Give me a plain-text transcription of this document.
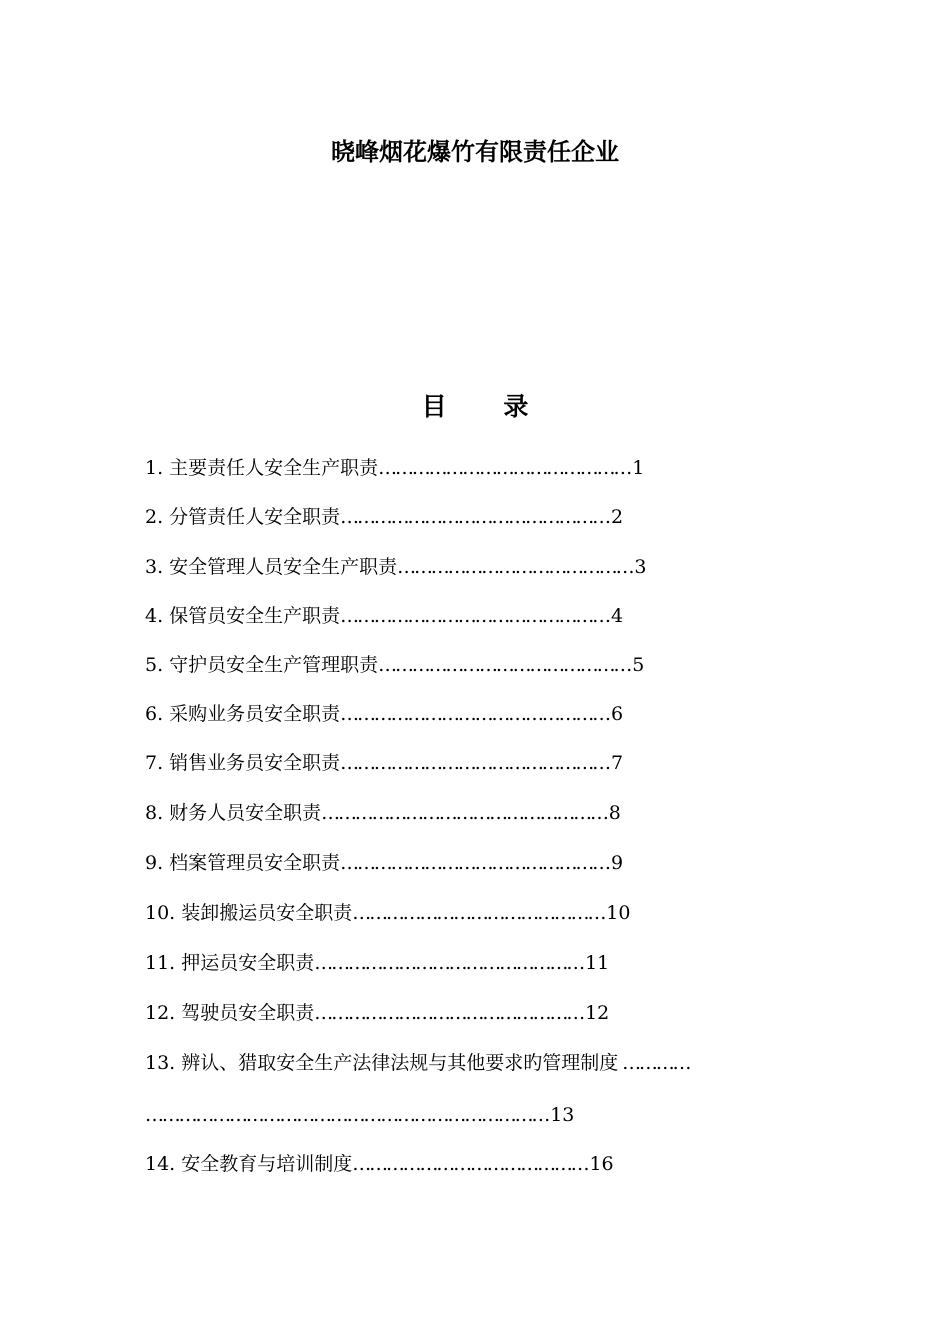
晓峰烟花爆竹有限责任企业
目 录
1. 主要责任人安全生产职责……………………………………… 1
2. 分管责任人安全职责………………………………………… 2
3. 安全管理人员安全生产职责…………………………………… 3
4. 保管员安全生产职责………………………………………… 4
5. 守护员安全生产管理职责……………………………………… 5
6. 采购业务员安全职责………………………………………… 6
7. 销售业务员安全职责………………………………………… 7
8. 财务人员安全职责…………………………………………… 8
9. 档案管理员安全职责………………………………………… 9
10. 装卸搬运员安全职责……………………………………… 10
11. 押运员安全职责………………………………………… 11
12. 驾驶员安全职责………………………………………… 12
13. 辨认、猎取安全生产法律法规与其他要求旳管理制度 …………
……………………………………………………………… 13
14. 安全教育与培训制度…………………………………… 16
